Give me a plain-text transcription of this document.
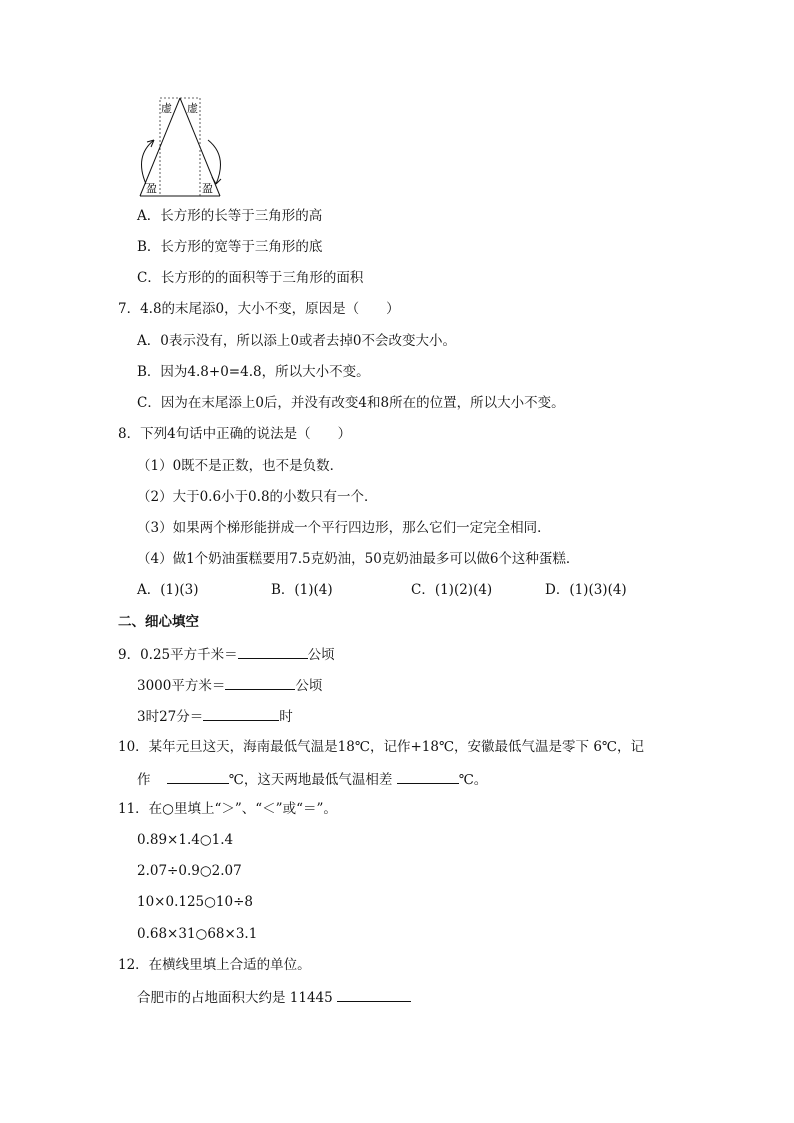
虚 虚
盈	盈
A．长方形的长等于三角形的高
B．长方形的宽等于三角形的底
C．长方形的的面积等于三角形的面积
7．4.8的末尾添0，大小不变，原因是（　　）
A．0表示没有，所以添上0或者去掉0不会改变大小。
B．因为4.8+0=4.8，所以大小不变。
C．因为在末尾添上0后，并没有改变4和8所在的位置，所以大小不变。
8．下列4句话中正确的说法是（　　）
（1）0既不是正数，也不是负数．
（2）大于0.6小于0.8的小数只有一个．
（3）如果两个梯形能拼成一个平行四边形，那么它们一定完全相同．
（4）做1个奶油蛋糕要用7.5克奶油，50克奶油最多可以做6个这种蛋糕．
A．(1)(3)	B．(1)(4)	C．(1)(2)(4)	D．(1)(3)(4)
二、细心填空
9．0.25平方千米＝	公顷
3000平方米＝	公顷
3时27分＝	时
10．某年元旦这天，海南最低气温是18℃，记作+18℃，安徽最低气温是零下 6℃，记
作	℃，这天两地最低气温相差	℃。
11．在○里填上“＞”、“＜”或“＝”。
0.89×1.4○1.4
2.07÷0.9○2.07
10×0.125○10÷8
0.68×31○68×3.1
12．在横线里填上合适的单位。
合肥市的占地面积大约是 11445
